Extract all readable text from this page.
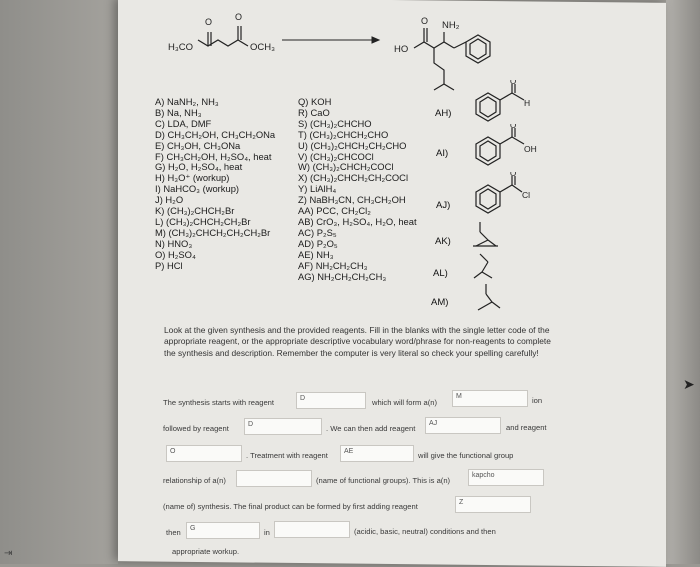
O	O
H₃CO	OCH₃
O
HO
NH₂
A) NaNH₂, NH₃
B) Na, NH₃
C) LDA, DMF
D) CH₃CH₂OH, CH₃CH₂ONa
E) CH₃OH, CH₃ONa
F) CH₃CH₂OH, H₂SO₄, heat
G) H₂O, H₂SO₄, heat
H) H₃O⁺ (workup)
I) NaHCO₃ (workup)
J) H₂O
K) (CH₃)₂CHCH₂Br
L) (CH₃)₂CHCH₂CH₂Br
M) (CH₃)₂CHCH₂CH₂CH₂Br
N) HNO₃
O) H₂SO₄
P) HCl
Q) KOH
R) CaO
S) (CH₃)₂CHCHO
T) (CH₃)₂CHCH₂CHO
U) (CH₃)₂CHCH₂CH₂CHO
V) (CH₃)₂CHCOCl
W) (CH₃)₂CHCH₂COCl
X) (CH₃)₂CHCH₂CH₂COCl
Y) LiAlH₄
Z) NaBH₃CN, CH₃CH₂OH
AA) PCC, CH₂Cl₂
AB) CrO₃, H₂SO₄, H₂O, heat
AC) P₂S₅
AD) P₂O₅
AE) NH₃
AF) NH₂CH₂CH₃
AG) NH₂CH₂CH₂CH₃
AH)
O
H
AI)
O
OH
AJ)
O
Cl
AK)
AL)
AM)
Look at the given synthesis and the provided reagents. Fill in the blanks with the single letter code of the appropriate reagent, or the appropriate descriptive vocabulary word/phrase for non-reagents to complete the synthesis and description. Remember the computer is very literal so check your spelling carefully!
The synthesis starts with reagent	D	which will form a(n)
M	ion
followed by reagent	D	. We can then add reagent
AJ	and reagent
O	. Treatment with reagent	AE	will give the functional group
relationship of a(n)	(name of functional groups). This is a(n)
kapcho
(name of) synthesis. The final product can be formed by first adding reagent	Z
then	G	in	(acidic, basic, neutral) conditions and then
appropriate workup.
➤
⇥
